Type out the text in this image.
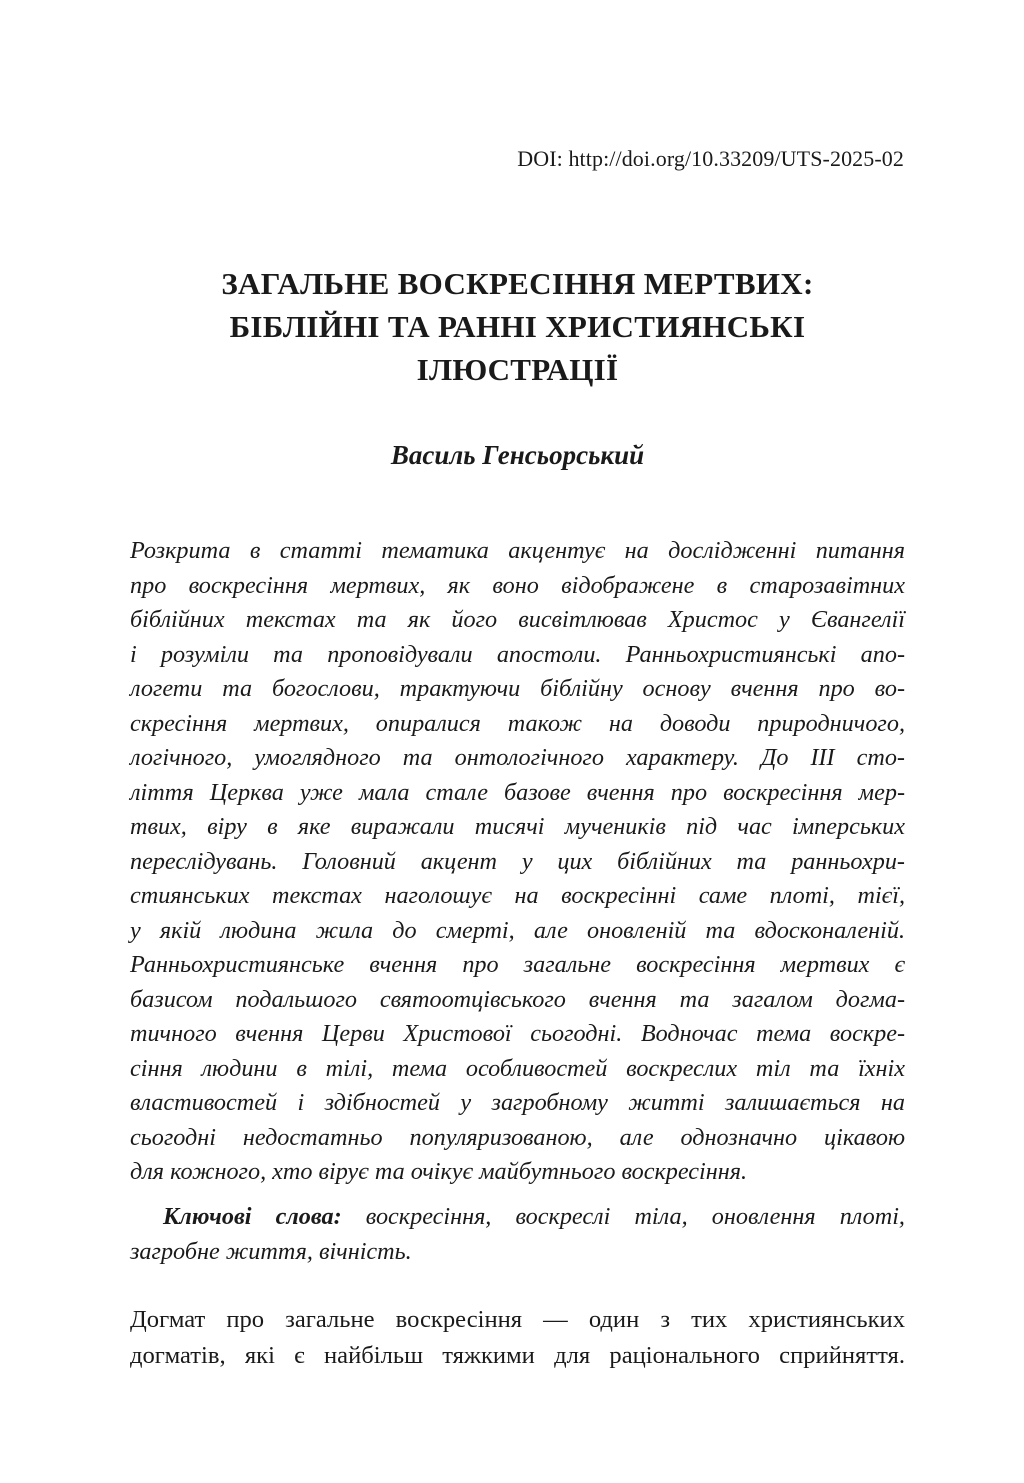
DOI: http://doi.org/10.33209/UTS-2025-02
ЗАГАЛЬНЕ ВОСКРЕСІННЯ МЕРТВИХ:
БІБЛІЙНІ ТА РАННІ ХРИСТИЯНСЬКІ
ІЛЮСТРАЦІЇ
Василь Генсьорський
Розкрита в статті тематика акцентує на дослідженні питання
про воскресіння мертвих, як воно відображене в старозавітних
біблійних текстах та як його висвітлював Христос у Євангелії
і розуміли та проповідували апостоли. Ранньохристиянські апо-
логети та богослови, трактуючи біблійну основу вчення про во-
скресіння мертвих, опиралися також на доводи природничого,
логічного, умоглядного та онтологічного характеру. До ІІІ сто-
ліття Церква уже мала стале базове вчення про воскресіння мер-
твих, віру в яке виражали тисячі мучеників під час імперських
переслідувань. Головний акцент у цих біблійних та ранньохри-
стиянських текстах наголошує на воскресінні саме плоті, тієї,
у якій людина жила до смерті, але оновленій та вдосконаленій.
Ранньохристиянське вчення про загальне воскресіння мертвих є
базисом подальшого святоотцівського вчення та загалом догма-
тичного вчення Церви Христової сьогодні. Водночас тема воскре-
сіння людини в тілі, тема особливостей воскреслих тіл та їхніх
властивостей і здібностей у загробному житті залишається на
сьогодні недостатньо популяризованою, але однозначно цікавою
для кожного, хто вірує та очікує майбутнього воскресіння.
Ключові слова: воскресіння, воскреслі тіла, оновлення плоті,
загробне життя, вічність.
Догмат про загальне воскресіння — один з тих християнських
догматів, які є найбільш тяжкими для раціонального сприйняття.
